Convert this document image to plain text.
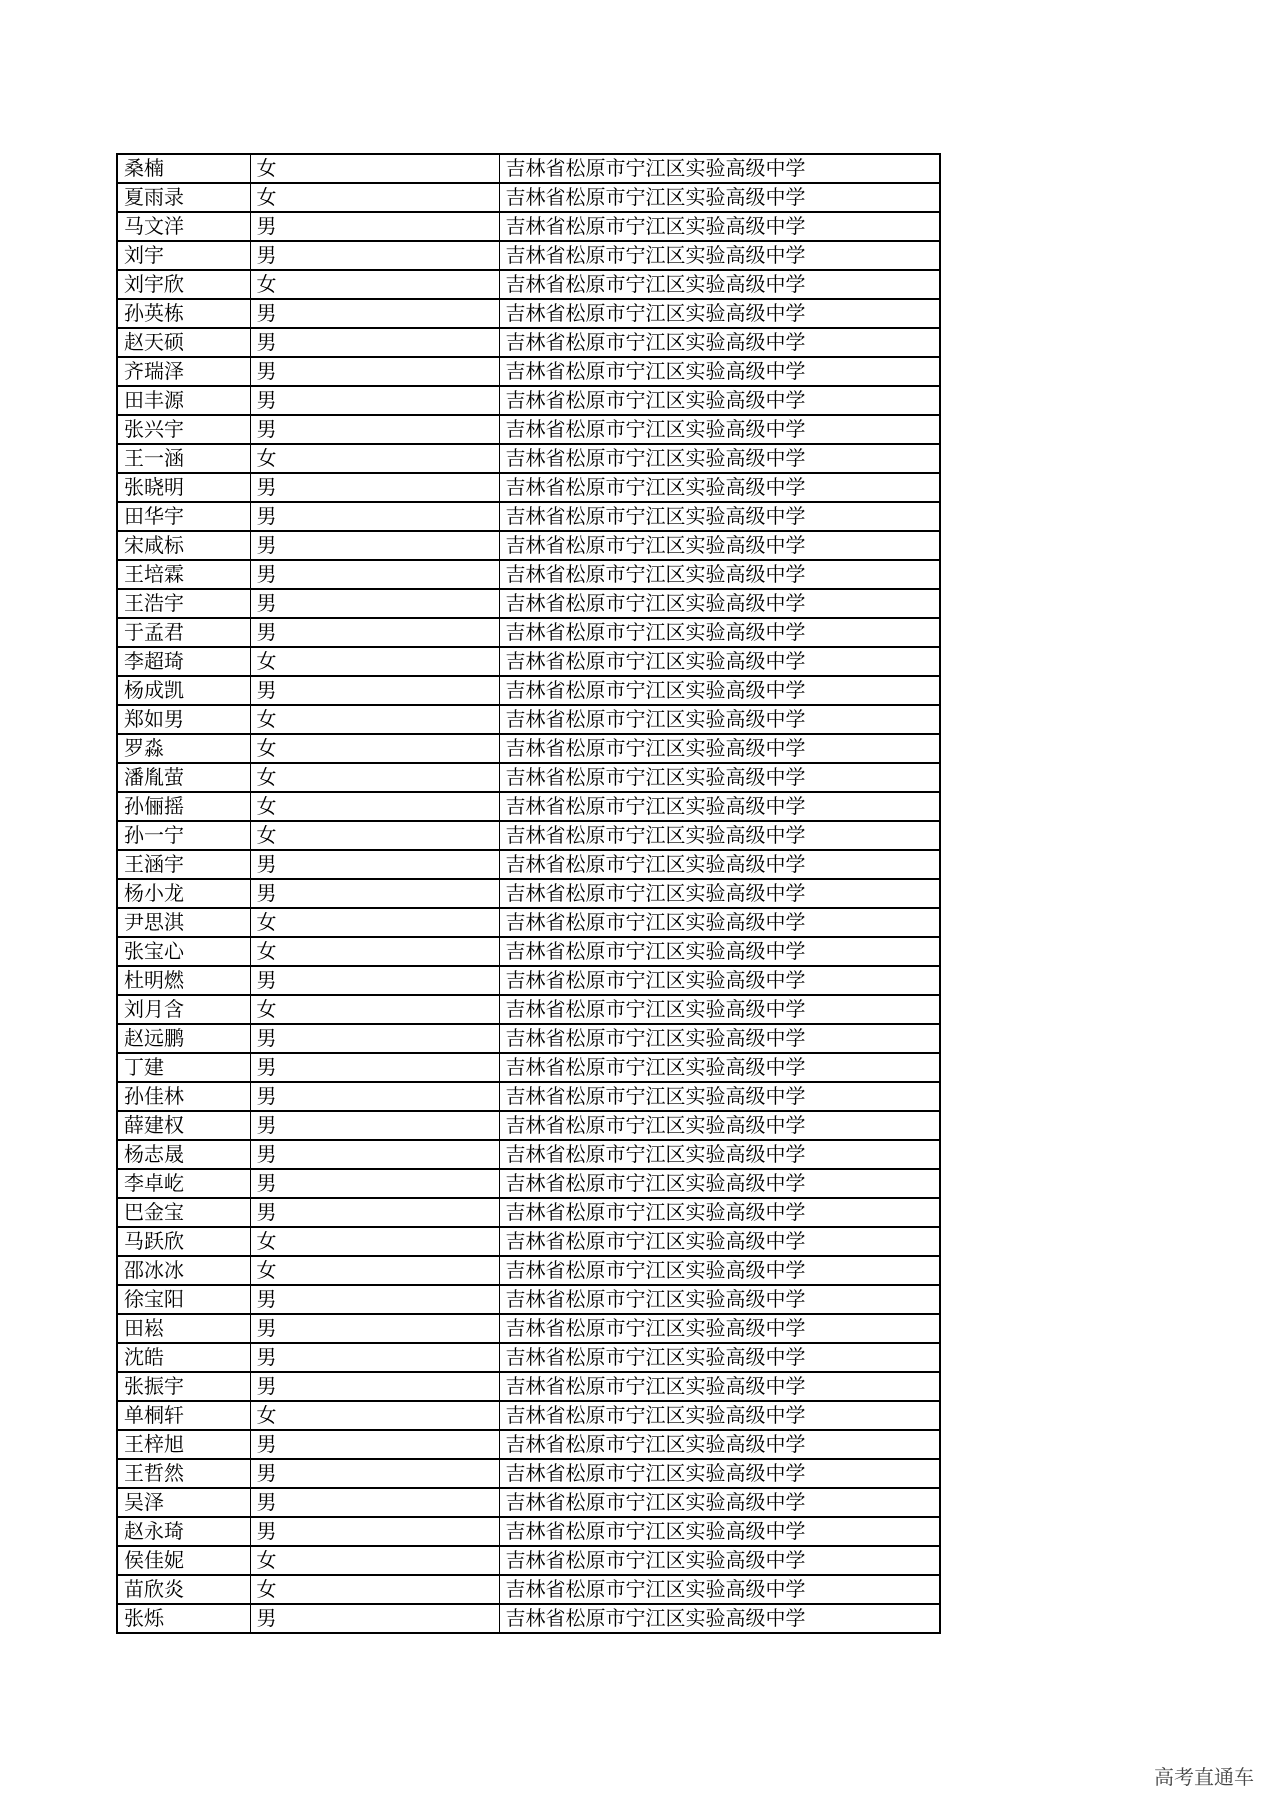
桑楠	女	吉林省松原市宁江区实验高级中学
夏雨录	女	吉林省松原市宁江区实验高级中学
马文洋	男	吉林省松原市宁江区实验高级中学
刘宇	男	吉林省松原市宁江区实验高级中学
刘宇欣	女	吉林省松原市宁江区实验高级中学
孙英栋	男	吉林省松原市宁江区实验高级中学
赵天硕	男	吉林省松原市宁江区实验高级中学
齐瑞泽	男	吉林省松原市宁江区实验高级中学
田丰源	男	吉林省松原市宁江区实验高级中学
张兴宇	男	吉林省松原市宁江区实验高级中学
王一涵	女	吉林省松原市宁江区实验高级中学
张晓明	男	吉林省松原市宁江区实验高级中学
田华宇	男	吉林省松原市宁江区实验高级中学
宋咸标	男	吉林省松原市宁江区实验高级中学
王培霖	男	吉林省松原市宁江区实验高级中学
王浩宇	男	吉林省松原市宁江区实验高级中学
于孟君	男	吉林省松原市宁江区实验高级中学
李超琦	女	吉林省松原市宁江区实验高级中学
杨成凯	男	吉林省松原市宁江区实验高级中学
郑如男	女	吉林省松原市宁江区实验高级中学
罗淼	女	吉林省松原市宁江区实验高级中学
潘胤萤	女	吉林省松原市宁江区实验高级中学
孙俪摇	女	吉林省松原市宁江区实验高级中学
孙一宁	女	吉林省松原市宁江区实验高级中学
王涵宇	男	吉林省松原市宁江区实验高级中学
杨小龙	男	吉林省松原市宁江区实验高级中学
尹思淇	女	吉林省松原市宁江区实验高级中学
张宝心	女	吉林省松原市宁江区实验高级中学
杜明燃	男	吉林省松原市宁江区实验高级中学
刘月含	女	吉林省松原市宁江区实验高级中学
赵远鹏	男	吉林省松原市宁江区实验高级中学
丁建	男	吉林省松原市宁江区实验高级中学
孙佳林	男	吉林省松原市宁江区实验高级中学
薛建权	男	吉林省松原市宁江区实验高级中学
杨志晟	男	吉林省松原市宁江区实验高级中学
李卓屹	男	吉林省松原市宁江区实验高级中学
巴金宝	男	吉林省松原市宁江区实验高级中学
马跃欣	女	吉林省松原市宁江区实验高级中学
邵冰冰	女	吉林省松原市宁江区实验高级中学
徐宝阳	男	吉林省松原市宁江区实验高级中学
田崧	男	吉林省松原市宁江区实验高级中学
沈皓	男	吉林省松原市宁江区实验高级中学
张振宇	男	吉林省松原市宁江区实验高级中学
单桐轩	女	吉林省松原市宁江区实验高级中学
王梓旭	男	吉林省松原市宁江区实验高级中学
王哲然	男	吉林省松原市宁江区实验高级中学
吴泽	男	吉林省松原市宁江区实验高级中学
赵永琦	男	吉林省松原市宁江区实验高级中学
侯佳妮	女	吉林省松原市宁江区实验高级中学
苗欣炎	女	吉林省松原市宁江区实验高级中学
张烁	男	吉林省松原市宁江区实验高级中学
高考直通车
